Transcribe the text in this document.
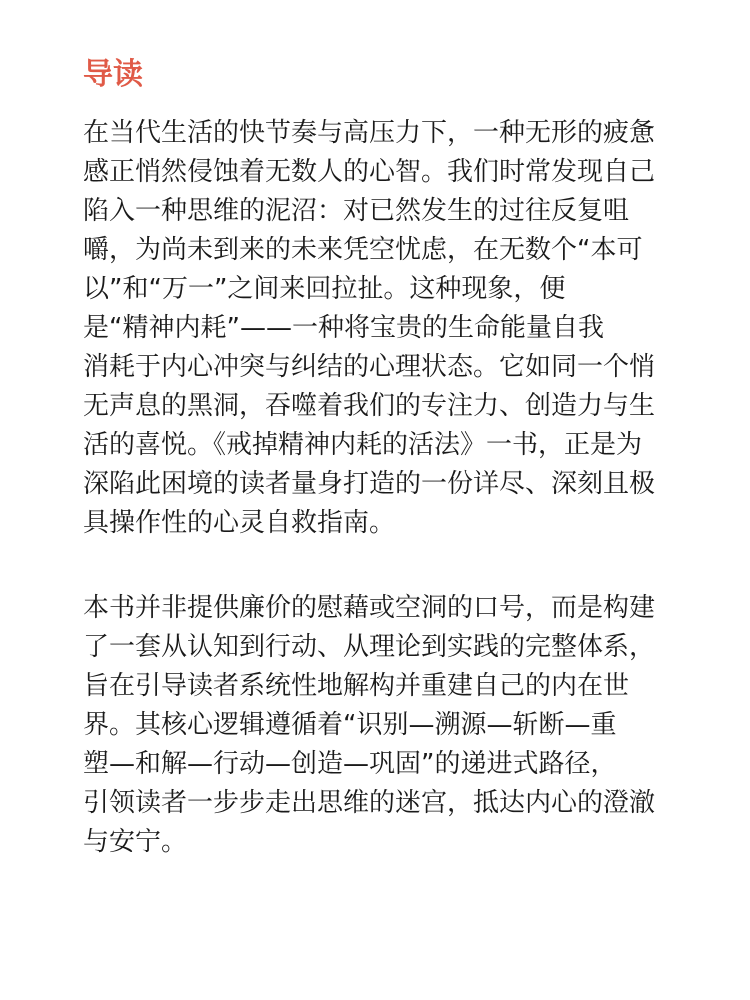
导读

在当代生活的快节奏与高压力下，一种无形的疲惫
感正悄然侵蚀着无数人的心智。我们时常发现自己
陷入一种思维的泥沼：对已然发生的过往反复咀
嚼，为尚未到来的未来凭空忧虑，在无数个“本可
以”和“万一”之间来回拉扯。这种现象，便
是“精神内耗”——一种将宝贵的生命能量自我
消耗于内心冲突与纠结的心理状态。它如同一个悄
无声息的黑洞，吞噬着我们的专注力、创造力与生
活的喜悦。《戒掉精神内耗的活法》一书，正是为
深陷此困境的读者量身打造的一份详尽、深刻且极
具操作性的心灵自救指南。

本书并非提供廉价的慰藉或空洞的口号，而是构建
了一套从认知到行动、从理论到实践的完整体系，
旨在引导读者系统性地解构并重建自己的内在世
界。其核心逻辑遵循着“识别—溯源—斩断—重
塑—和解—行动—创造—巩固”的递进式路径，
引领读者一步步走出思维的迷宫，抵达内心的澄澈
与安宁。
